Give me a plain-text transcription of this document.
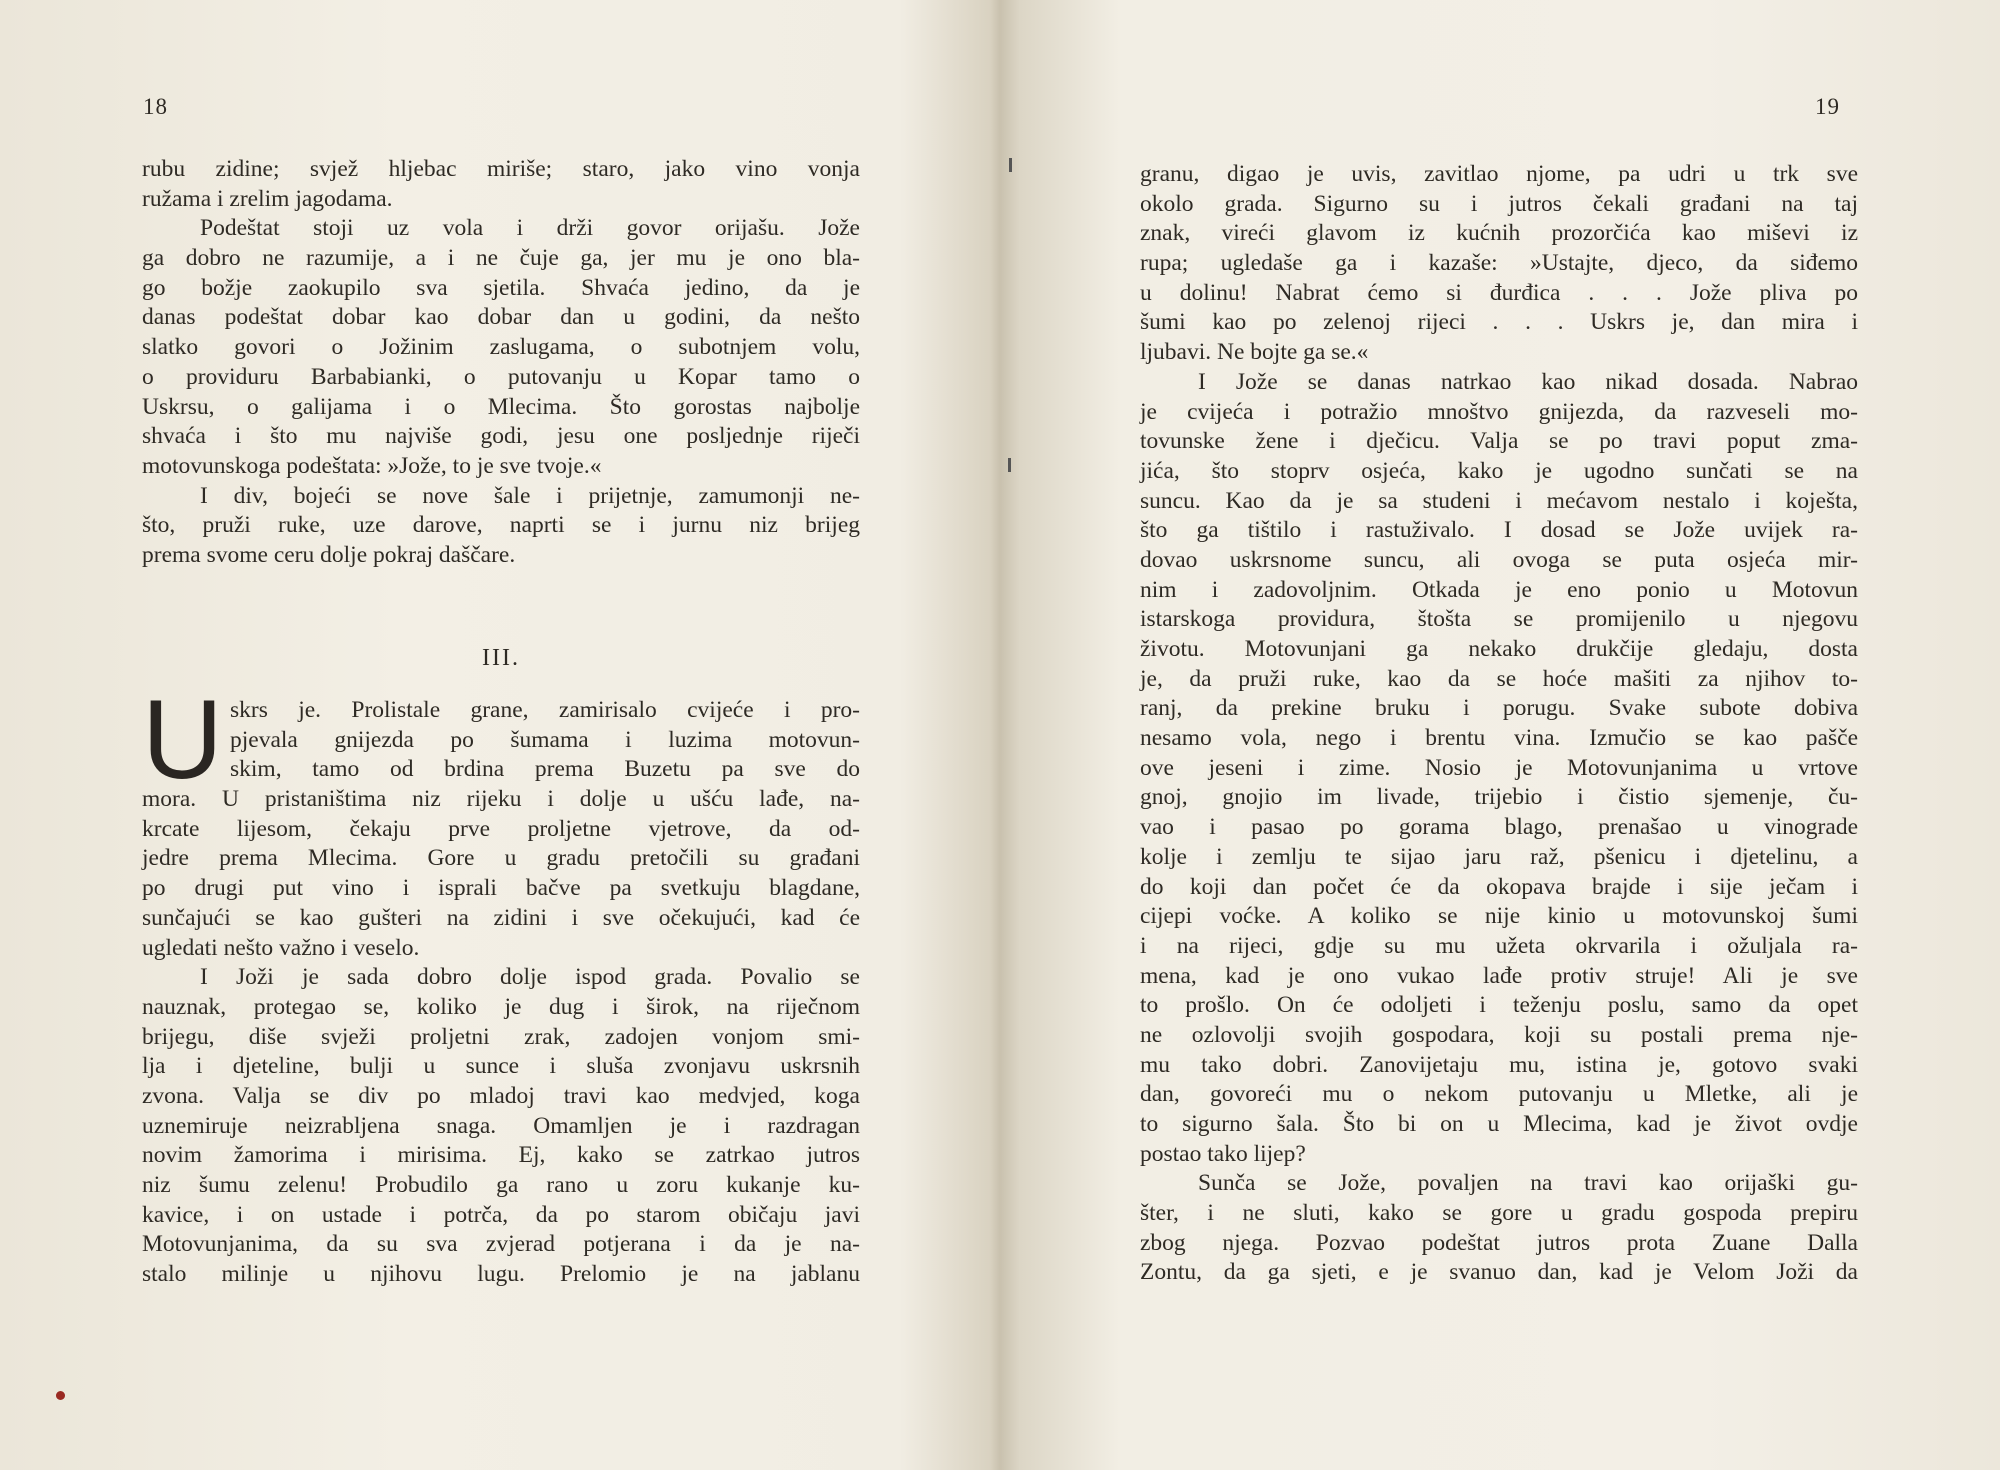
18
rubu zidine; svjež hljebac miriše; staro, jako vino vonja
ružama i zrelim jagodama.
Podeštat stoji uz vola i drži govor orijašu. Jože
ga dobro ne razumije, a i ne čuje ga, jer mu je ono bla-
go božje zaokupilo sva sjetila. Shvaća jedino, da je
danas podeštat dobar kao dobar dan u godini, da nešto
slatko govori o Jožinim zaslugama, o subotnjem volu,
o providuru Barbabianki, o putovanju u Kopar tamo o
Uskrsu, o galijama i o Mlecima. Što gorostas najbolje
shvaća i što mu najviše godi, jesu one posljednje riječi
motovunskoga podeštata: »Jože, to je sve tvoje.«
I div, bojeći se nove šale i prijetnje, zamumonji ne-
što, pruži ruke, uze darove, naprti se i jurnu niz brijeg
prema svome ceru dolje pokraj daščare.
III.
U skrs je. Prolistale grane, zamirisalo cvijeće i pro-
pjevala gnijezda po šumama i luzima motovun-
skim, tamo od brdina prema Buzetu pa sve do
mora. U pristaništima niz rijeku i dolje u ušću lađe, na-
krcate lijesom, čekaju prve proljetne vjetrove, da od-
jedre prema Mlecima. Gore u gradu pretočili su građani
po drugi put vino i isprali bačve pa svetkuju blagdane,
sunčajući se kao gušteri na zidini i sve očekujući, kad će
ugledati nešto važno i veselo.
I Joži je sada dobro dolje ispod grada. Povalio se
nauznak, protegao se, koliko je dug i širok, na riječnom
brijegu, diše svježi proljetni zrak, zadojen vonjom smi-
lja i djeteline, bulji u sunce i sluša zvonjavu uskrsnih
zvona. Valja se div po mladoj travi kao medvjed, koga
uznemiruje neizrabljena snaga. Omamljen je i razdragan
novim žamorima i mirisima. Ej, kako se zatrkao jutros
niz šumu zelenu! Probudilo ga rano u zoru kukanje ku-
kavice, i on ustade i potrča, da po starom običaju javi
Motovunjanima, da su sva zvjerad potjerana i da je na-
stalo milinje u njihovu lugu. Prelomio je na jablanu
19
granu, digao je uvis, zavitlao njome, pa udri u trk sve
okolo grada. Sigurno su i jutros čekali građani na taj
znak, vireći glavom iz kućnih prozorčića kao miševi iz
rupa; ugledaše ga i kazaše: »Ustajte, djeco, da siđemo
u dolinu! Nabrat ćemo si đurđica . . . Jože pliva po
šumi kao po zelenoj rijeci . . . Uskrs je, dan mira i
ljubavi. Ne bojte ga se.«
I Jože se danas natrkao kao nikad dosada. Nabrao
je cvijeća i potražio mnoštvo gnijezda, da razveseli mo-
tovunske žene i dječicu. Valja se po travi poput zma-
jića, što stoprv osjeća, kako je ugodno sunčati se na
suncu. Kao da je sa studeni i mećavom nestalo i koješta,
što ga tištilo i rastuživalo. I dosad se Jože uvijek ra-
dovao uskrsnome suncu, ali ovoga se puta osjeća mir-
nim i zadovoljnim. Otkada je eno ponio u Motovun
istarskoga providura, štošta se promijenilo u njegovu
životu. Motovunjani ga nekako drukčije gledaju, dosta
je, da pruži ruke, kao da se hoće mašiti za njihov to-
ranj, da prekine bruku i porugu. Svake subote dobiva
nesamo vola, nego i brentu vina. Izmučio se kao pašče
ove jeseni i zime. Nosio je Motovunjanima u vrtove
gnoj, gnojio im livade, trijebio i čistio sjemenje, ču-
vao i pasao po gorama blago, prenašao u vinograde
kolje i zemlju te sijao jaru raž, pšenicu i djetelinu, a
do koji dan počet će da okopava brajde i sije ječam i
cijepi voćke. A koliko se nije kinio u motovunskoj šumi
i na rijeci, gdje su mu užeta okrvarila i ožuljala ra-
mena, kad je ono vukao lađe protiv struje! Ali je sve
to prošlo. On će odoljeti i teženju poslu, samo da opet
ne ozlovolji svojih gospodara, koji su postali prema nje-
mu tako dobri. Zanovijetaju mu, istina je, gotovo svaki
dan, govoreći mu o nekom putovanju u Mletke, ali je
to sigurno šala. Što bi on u Mlecima, kad je život ovdje
postao tako lijep?
Sunča se Jože, povaljen na travi kao orijaški gu-
šter, i ne sluti, kako se gore u gradu gospoda prepiru
zbog njega. Pozvao podeštat jutros prota Zuane Dalla
Zontu, da ga sjeti, e je svanuo dan, kad je Velom Joži da
